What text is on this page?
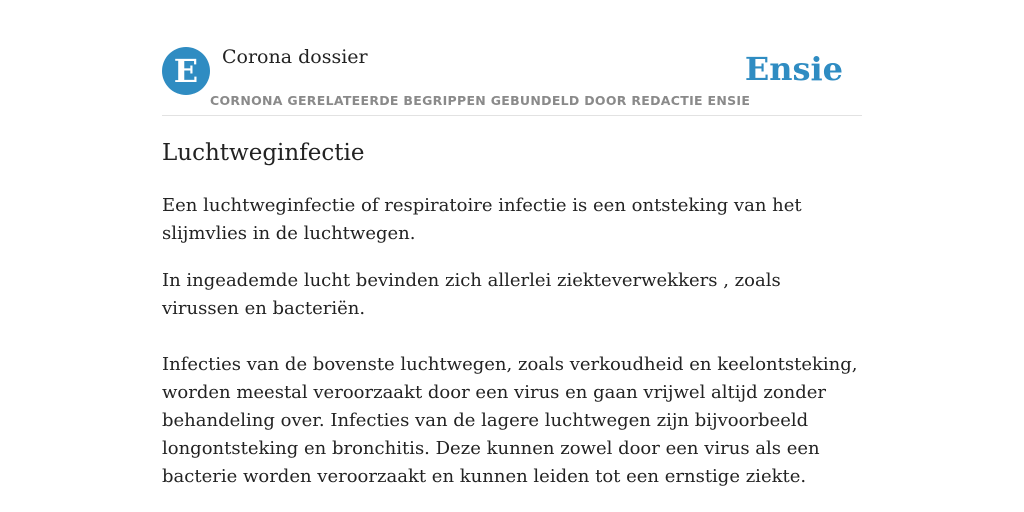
E	Corona dossier
CORNONA GERELATEERDE BEGRIPPEN GEBUNDELD DOOR REDACTIE ENSIE
Ensie
Luchtweginfectie

Een luchtweginfectie of respiratoire infectie is een ontsteking van het slijmvlies in de luchtwegen.

In ingeademde lucht bevinden zich allerlei ziekteverwekkers , zoals virussen en bacteriën.

Infecties van de bovenste luchtwegen, zoals verkoudheid en keelontsteking, worden meestal veroorzaakt door een virus en gaan vrijwel altijd zonder behandeling over. Infecties van de lagere luchtwegen zijn bijvoorbeeld longontsteking en bronchitis. Deze kunnen zowel door een virus als een bacterie worden veroorzaakt en kunnen leiden tot een ernstige ziekte.
